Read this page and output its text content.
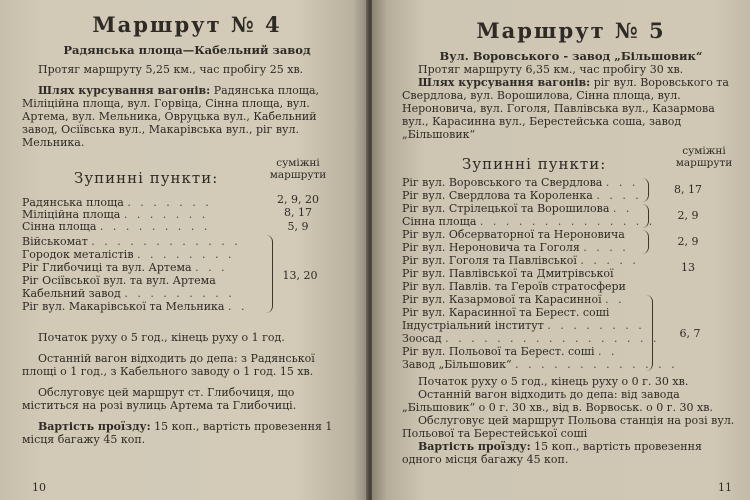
Маршрут № 4
Радянська площа—Кабельний завод

Протяг маршруту 5,25 км., час пробігу 25 хв.

Шлях курсування вагонів: Радянська площа, Міліційна площа, вул. Горвіца, Сінна площа, вул. Артема, вул. Мельника, Овруцька вул., Кабельний завод, Осіївська вул., Макарівська вул., ріг вул. Мельника.

Зупинні пункти:
суміжні
маршрути
Радянська площа . . . . . . .
Міліційна площа . . . . . . .
Сінна площа . . . . . . . . .
Військомат . . . . . . . . . . . .
Городок металістів . . . . . . . .
Ріг Глибочиці та вул. Артема . . .
Ріг Осіївської вул. та вул. Артема
Кабельний завод . . . . . . . . .
Ріг вул. Макарівської та Мельника . .
2, 9, 20
8, 17
5, 9
13, 20

Початок руху о 5 год., кінець руху о 1 год.

Останній вагон відходить до депа: з Радянської площі о 1 год., з Кабельного заводу о 1 год. 15 хв.

Обслуговує цей маршрут ст. Глибочиця, що міститься на розі вулиць Артема та Глибочиці.

Вартість проїзду: 15 коп., вартість провезення 1 місця багажу 45 коп.

10
Маршрут № 5
Вул. Воровського - завод „Більшовик“

Протяг маршруту 6,35 км., час пробігу 30 хв.

Шлях курсування вагонів: ріг вул. Воровського та Свердлова, вул. Ворошилова, Сінна площа, вул. Нероновича, вул. Гоголя, Павлівська вул., Казармова вул., Карасинна вул., Берестейська соша, завод „Більшовик“

Зупинні пункти:
суміжні
маршрути
Ріг вул. Воровського та Свердлова . . .
Ріг вул. Свердлова та Короленка . . . .
Ріг вул. Стрілецької та Ворошилова . .
Сінна площа . . . . . . . . . . . . . .
Ріг вул. Обсерваторної та Нероновича
Ріг вул. Нероновича та Гоголя . . . .
Ріг вул. Гоголя та Павлівської . . . . .
Ріг вул. Павлівської та Дмитрівської
Ріг вул. Павлів. та Героїв стратосфери
Ріг вул. Казармової та Карасинної . .
Ріг вул. Карасинної та Берест. соші
Індустріальний інститут . . . . . . . .
Зоосад . . . . . . . . . . . . . . . . .
Ріг вул. Польової та Берест. соші . .
Завод „Більшовик“ . . . . . . . . . . . . .
8, 17
2, 9
2, 9
13
6, 7

Початок руху о 5 год., кінець руху о 0 г. 30 хв.

Останній вагон відходить до депа: від завода „Більшовик“ о 0 г. 30 хв., від в. Ворвоськ. о 0 г. 30 хв.

Обслуговує цей маршрут Польова станція на розі вул. Польової та Берестейської соші

Вартість проїзду: 15 коп., вартість провезення одного місця багажу 45 коп.

11
